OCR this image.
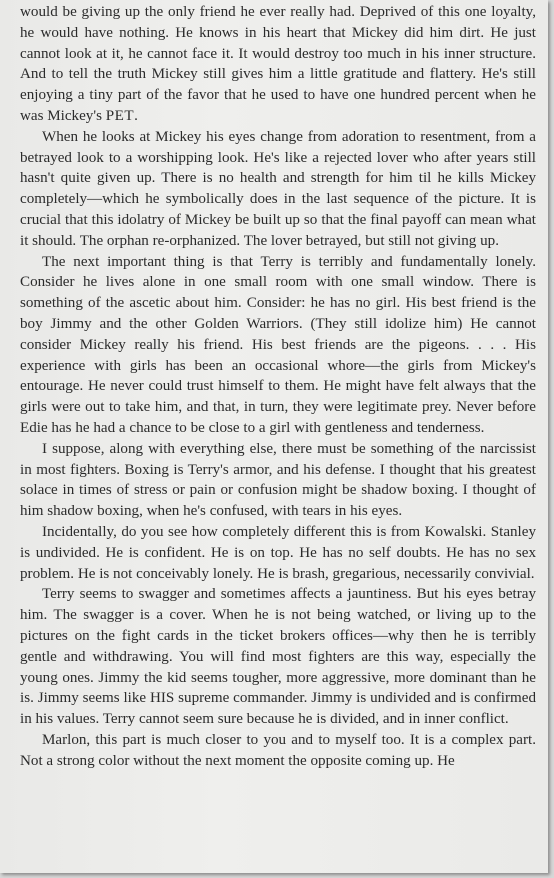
would be giving up the only friend he ever really had. Deprived of this one loyalty, he would have nothing. He knows in his heart that Mickey did him dirt. He just cannot look at it, he cannot face it. It would destroy too much in his inner structure. And to tell the truth Mickey still gives him a little gratitude and flattery. He's still enjoying a tiny part of the favor that he used to have one hundred percent when he was Mickey's PET.

When he looks at Mickey his eyes change from adoration to resentment, from a betrayed look to a worshipping look. He's like a rejected lover who after years still hasn't quite given up. There is no health and strength for him til he kills Mickey completely—which he symbolically does in the last sequence of the picture. It is crucial that this idolatry of Mickey be built up so that the final payoff can mean what it should. The orphan re-orphanized. The lover betrayed, but still not giving up.

The next important thing is that Terry is terribly and fundamentally lonely. Consider he lives alone in one small room with one small window. There is something of the ascetic about him. Consider: he has no girl. His best friend is the boy Jimmy and the other Golden Warriors. (They still idolize him) He cannot consider Mickey really his friend. His best friends are the pigeons. . . . His experience with girls has been an occasional whore—the girls from Mickey's entourage. He never could trust himself to them. He might have felt always that the girls were out to take him, and that, in turn, they were legitimate prey. Never before Edie has he had a chance to be close to a girl with gentleness and tenderness.

I suppose, along with everything else, there must be something of the narcissist in most fighters. Boxing is Terry's armor, and his defense. I thought that his greatest solace in times of stress or pain or confusion might be shadow boxing. I thought of him shadow boxing, when he's confused, with tears in his eyes.

Incidentally, do you see how completely different this is from Kowalski. Stanley is undivided. He is confident. He is on top. He has no self doubts. He has no sex problem. He is not conceivably lonely. He is brash, gregarious, necessarily convivial.

Terry seems to swagger and sometimes affects a jauntiness. But his eyes betray him. The swagger is a cover. When he is not being watched, or living up to the pictures on the fight cards in the ticket brokers offices—why then he is terribly gentle and withdrawing. You will find most fighters are this way, especially the young ones. Jimmy the kid seems tougher, more aggressive, more dominant than he is. Jimmy seems like HIS supreme commander. Jimmy is undivided and is confirmed in his values. Terry cannot seem sure because he is divided, and in inner conflict.

Marlon, this part is much closer to you and to myself too. It is a complex part. Not a strong color without the next moment the opposite coming up. He
